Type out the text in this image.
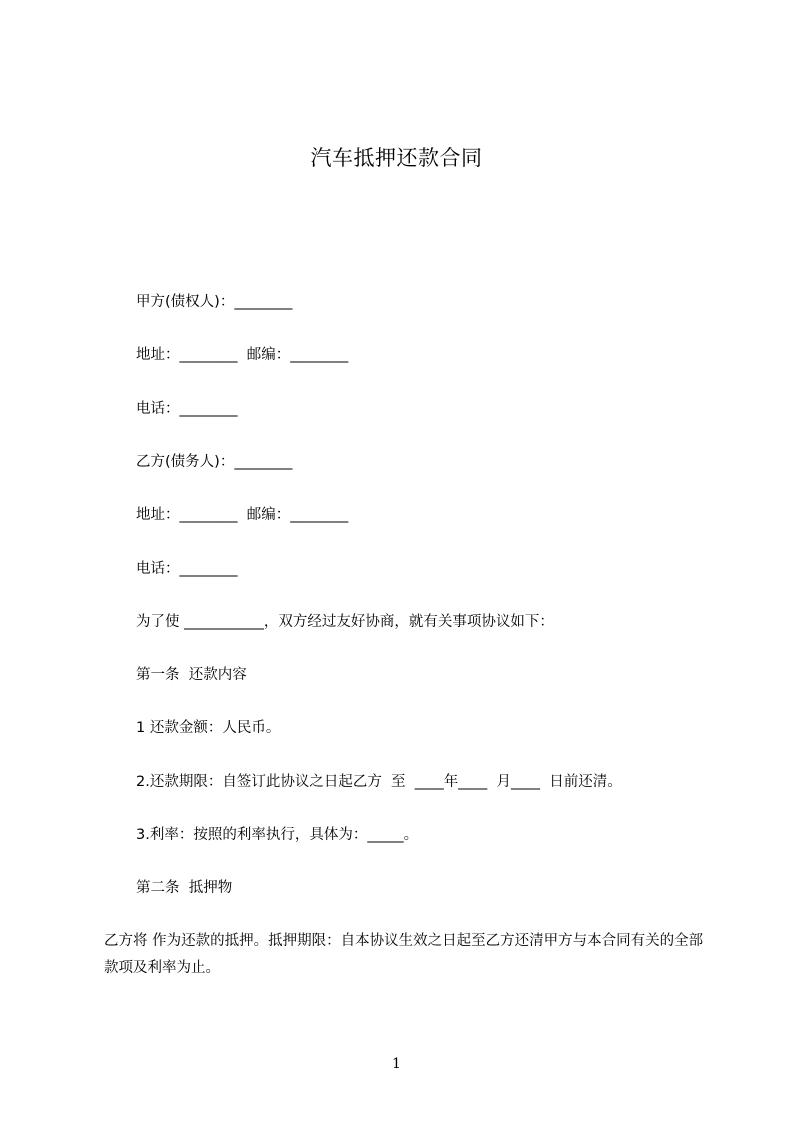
汽车抵押还款合同
甲方(债权人)：________
地址：________  邮编：________
电话：________
乙方(债务人)：________
地址：________  邮编：________
电话：________
为了使 ___________，双方经过友好协商，就有关事项协议如下：
第一条  还款内容
1 还款金额：人民币。
2.还款期限：自签订此协议之日起乙方  至  ____年____  月____  日前还清。
3.利率：按照的利率执行，具体为：_____。
第二条  抵押物
乙方将 作为还款的抵押。抵押期限：自本协议生效之日起至乙方还清甲方与本合同有关的全部款项及利率为止。
1
